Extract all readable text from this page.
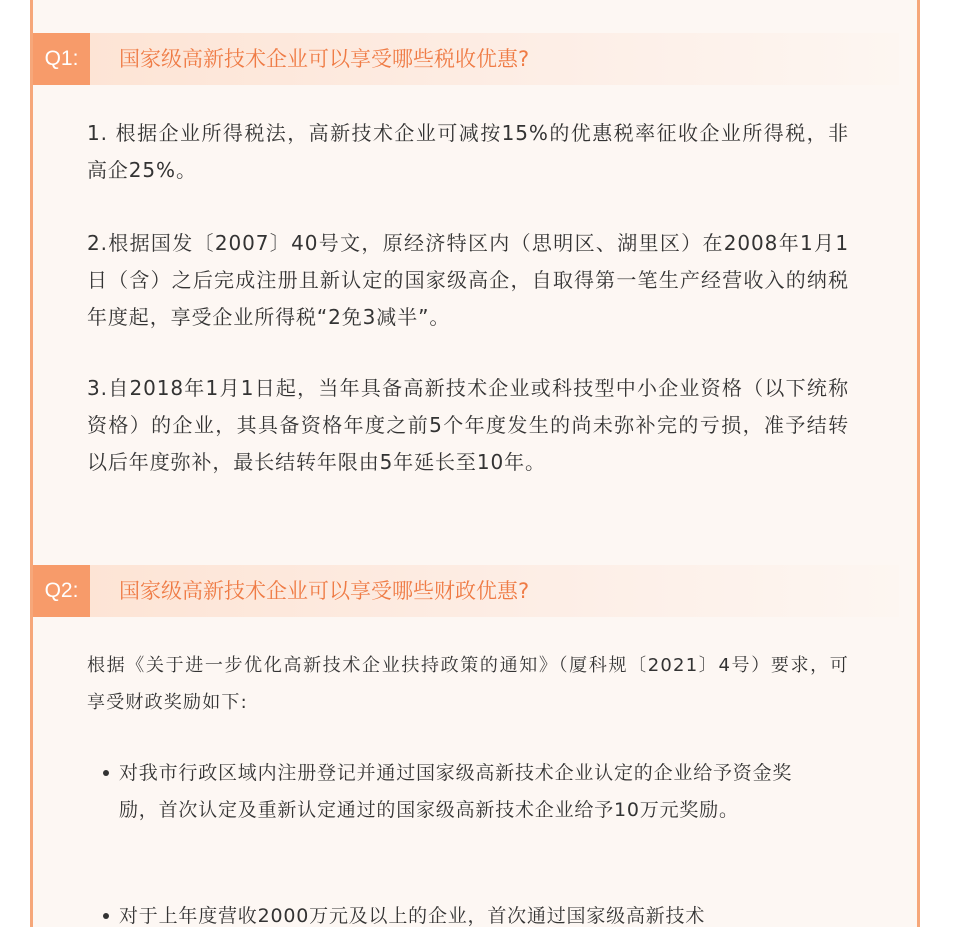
Q1:	国家级高新技术企业可以享受哪些税收优惠?

1. 根据企业所得税法，高新技术企业可减按15%的优惠税率征收企业所得税，非高企25%。

2.根据国发〔2007〕40号文，原经济特区内（思明区、湖里区）在2008年1月1日（含）之后完成注册且新认定的国家级高企，自取得第一笔生产经营收入的纳税年度起，享受企业所得税“2免3减半”。

3.自2018年1月1日起，当年具备高新技术企业或科技型中小企业资格（以下统称资格）的企业，其具备资格年度之前5个年度发生的尚未弥补完的亏损，准予结转以后年度弥补，最长结转年限由5年延长至10年。

Q2:	国家级高新技术企业可以享受哪些财政优惠?

根据《关于进一步优化高新技术企业扶持政策的通知》（厦科规〔2021〕4号）要求，可享受财政奖励如下:

对我市行政区域内注册登记并通过国家级高新技术企业认定的企业给予资金奖励，首次认定及重新认定通过的国家级高新技术企业给予10万元奖励。
对于上年度营收2000万元及以上的企业，首次通过国家级高新技术
